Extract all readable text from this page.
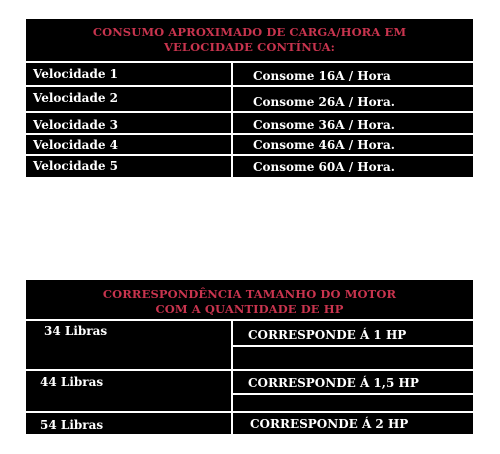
CONSUMO APROXIMADO DE CARGA/HORA EM
VELOCIDADE CONTÍNUA:
Velocidade 1	Consome 16A / Hora
Velocidade 2	Consome 26A / Hora.
Velocidade 3	Consome 36A / Hora.
Velocidade 4	Consome 46A / Hora.
Velocidade 5	Consome 60A / Hora.
CORRESPONDÊNCIA TAMANHO DO MOTOR
COM A QUANTIDADE DE HP
34 Libras	CORRESPONDE Á 1 HP
44 Libras	CORRESPONDE Á 1,5 HP
54 Libras	CORRESPONDE Á 2 HP
